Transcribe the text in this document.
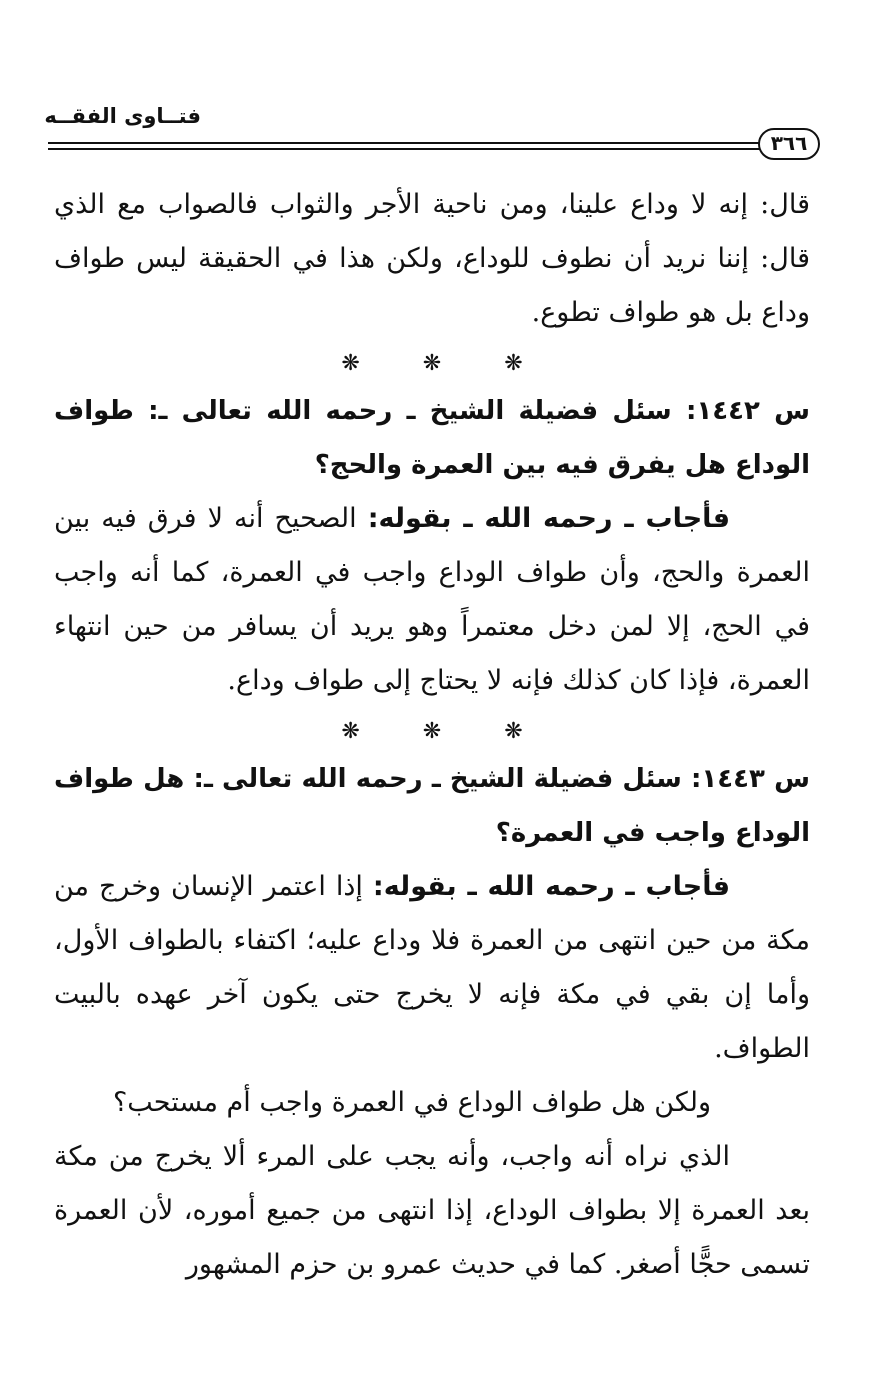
فتــاوى الفقــه
٣٦٦

قال: إنه لا وداع علينا، ومن ناحية الأجر والثواب فالصواب مع الذي قال: إننا نريد أن نطوف للوداع، ولكن هذا في الحقيقة ليس طواف وداع بل هو طواف تطوع.

❋ ❋ ❋

س ١٤٤٢: سئل فضيلة الشيخ ـ رحمه الله تعالى ـ: طواف الوداع هل يفرق فيه بين العمرة والحج؟

فأجاب ـ رحمه الله ـ بقوله: الصحيح أنه لا فرق فيه بين العمرة والحج، وأن طواف الوداع واجب في العمرة، كما أنه واجب في الحج، إلا لمن دخل معتمراً وهو يريد أن يسافر من حين انتهاء العمرة، فإذا كان كذلك فإنه لا يحتاج إلى طواف وداع.

❋ ❋ ❋

س ١٤٤٣: سئل فضيلة الشيخ ـ رحمه الله تعالى ـ: هل طواف الوداع واجب في العمرة؟

فأجاب ـ رحمه الله ـ بقوله: إذا اعتمر الإنسان وخرج من مكة من حين انتهى من العمرة فلا وداع عليه؛ اكتفاء بالطواف الأول، وأما إن بقي في مكة فإنه لا يخرج حتى يكون آخر عهده بالبيت الطواف.

ولكن هل طواف الوداع في العمرة واجب أم مستحب؟

الذي نراه أنه واجب، وأنه يجب على المرء ألا يخرج من مكة بعد العمرة إلا بطواف الوداع، إذا انتهى من جميع أموره، لأن العمرة تسمى حجًّا أصغر. كما في حديث عمرو بن حزم المشهور
